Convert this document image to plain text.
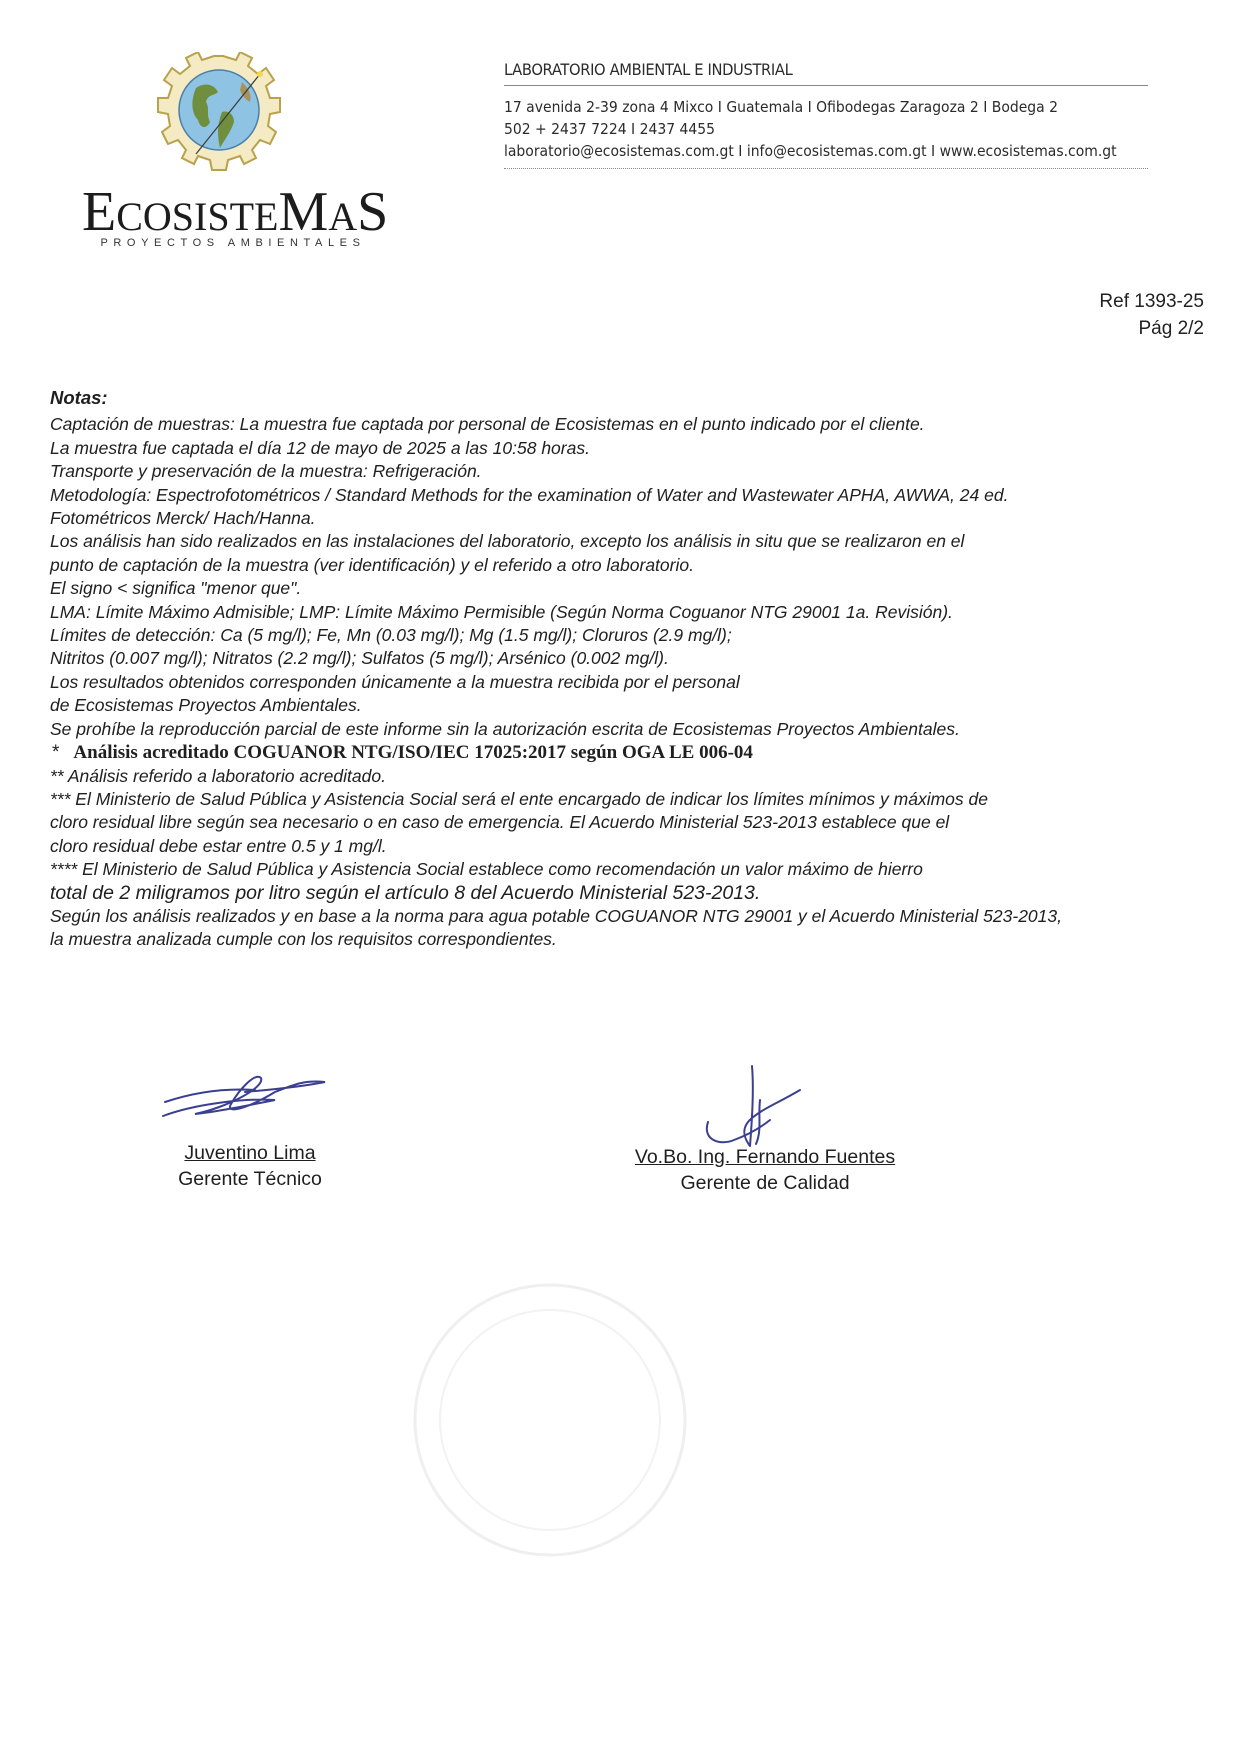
ECOSISTEMAS
PROYECTOS AMBIENTALES
LABORATORIO AMBIENTAL E INDUSTRIAL
17 avenida 2-39 zona 4 Mixco I Guatemala I Ofibodegas Zaragoza 2 I Bodega 2
502 + 2437 7224 I 2437 4455
laboratorio@ecosistemas.com.gt I info@ecosistemas.com.gt I www.ecosistemas.com.gt
Ref 1393-25
Pág 2/2
Notas:
Captación de muestras: La muestra fue captada por personal de Ecosistemas en el punto indicado por el cliente.
La muestra fue captada el día 12 de mayo de 2025 a las 10:58 horas.
Transporte y preservación de la muestra: Refrigeración.
Metodología: Espectrofotométricos / Standard Methods for the examination of Water and Wastewater APHA, AWWA, 24 ed.
Fotométricos Merck/ Hach/Hanna.
Los análisis han sido realizados en las instalaciones del laboratorio, excepto los análisis in situ que se realizaron en el
punto de captación de la muestra (ver identificación) y el referido a otro laboratorio.
El signo < significa "menor que".
LMA: Límite Máximo Admisible; LMP: Límite Máximo Permisible (Según Norma Coguanor NTG 29001 1a. Revisión).
Límites de detección: Ca (5 mg/l); Fe, Mn (0.03 mg/l); Mg (1.5 mg/l); Cloruros (2.9 mg/l);
Nitritos (0.007 mg/l); Nitratos (2.2 mg/l); Sulfatos (5 mg/l); Arsénico (0.002 mg/l).
Los resultados obtenidos corresponden únicamente a la muestra recibida por el personal
de Ecosistemas Proyectos Ambientales.
Se prohíbe la reproducción parcial de este informe sin la autorización escrita de Ecosistemas Proyectos Ambientales.
* Análisis acreditado COGUANOR NTG/ISO/IEC 17025:2017 según OGA LE 006-04
** Análisis referido a laboratorio acreditado.
*** El Ministerio de Salud Pública y Asistencia Social será el ente encargado de indicar los límites mínimos y máximos de
cloro residual libre según sea necesario o en caso de emergencia. El Acuerdo Ministerial 523-2013 establece que el
cloro residual debe estar entre 0.5 y 1 mg/l.
**** El Ministerio de Salud Pública y Asistencia Social establece como recomendación un valor máximo de hierro
total de 2 miligramos por litro según el artículo 8 del Acuerdo Ministerial 523-2013.
Según los análisis realizados y en base a la norma para agua potable COGUANOR NTG 29001 y el Acuerdo Ministerial 523-2013,
la muestra analizada cumple con los requisitos correspondientes.
Juventino Lima
Gerente Técnico
Vo.Bo. Ing. Fernando Fuentes
Gerente de Calidad
